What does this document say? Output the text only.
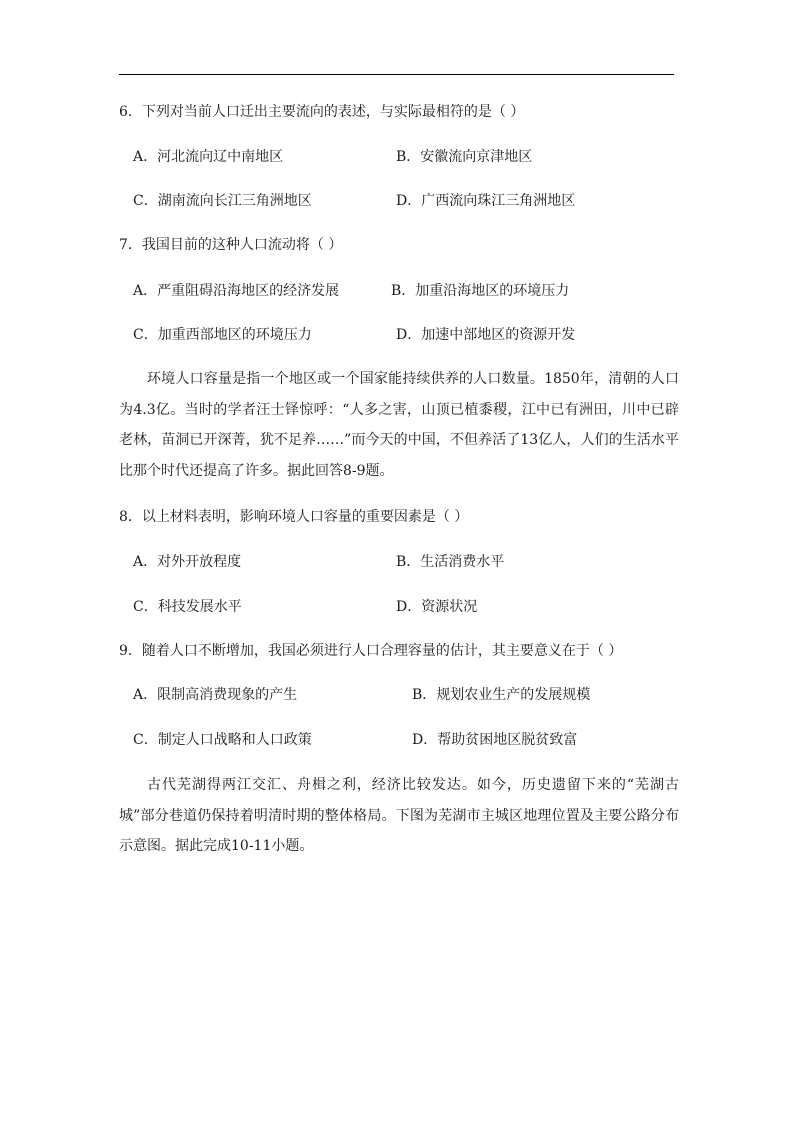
6．下列对当前人口迁出主要流向的表述，与实际最相符的是（ ）
A．河北流向辽中南地区	B．安徽流向京津地区
C．湖南流向长江三角洲地区	D．广西流向珠江三角洲地区
7．我国目前的这种人口流动将（ ）
A．严重阻碍沿海地区的经济发展	B．加重沿海地区的环境压力
C．加重西部地区的环境压力	D．加速中部地区的资源开发

环境人口容量是指一个地区或一个国家能持续供养的人口数量。1850年，清朝的人口为4.3亿。当时的学者汪士铎惊呼：“人多之害，山顶已植黍稷，江中已有洲田，川中已辟老林，苗洞已开深菁，犹不足养……”而今天的中国，不但养活了13亿人，人们的生活水平比那个时代还提高了许多。据此回答8-9题。

8．以上材料表明，影响环境人口容量的重要因素是（ ）
A．对外开放程度	B．生活消费水平
C．科技发展水平	D．资源状况
9．随着人口不断增加，我国必须进行人口合理容量的估计，其主要意义在于（ ）
A．限制高消费现象的产生	B．规划农业生产的发展规模
C．制定人口战略和人口政策	D．帮助贫困地区脱贫致富

古代芜湖得两江交汇、舟楫之利，经济比较发达。如今，历史遗留下来的“芜湖古城”部分巷道仍保持着明清时期的整体格局。下图为芜湖市主城区地理位置及主要公路分布示意图。据此完成10-11小题。
